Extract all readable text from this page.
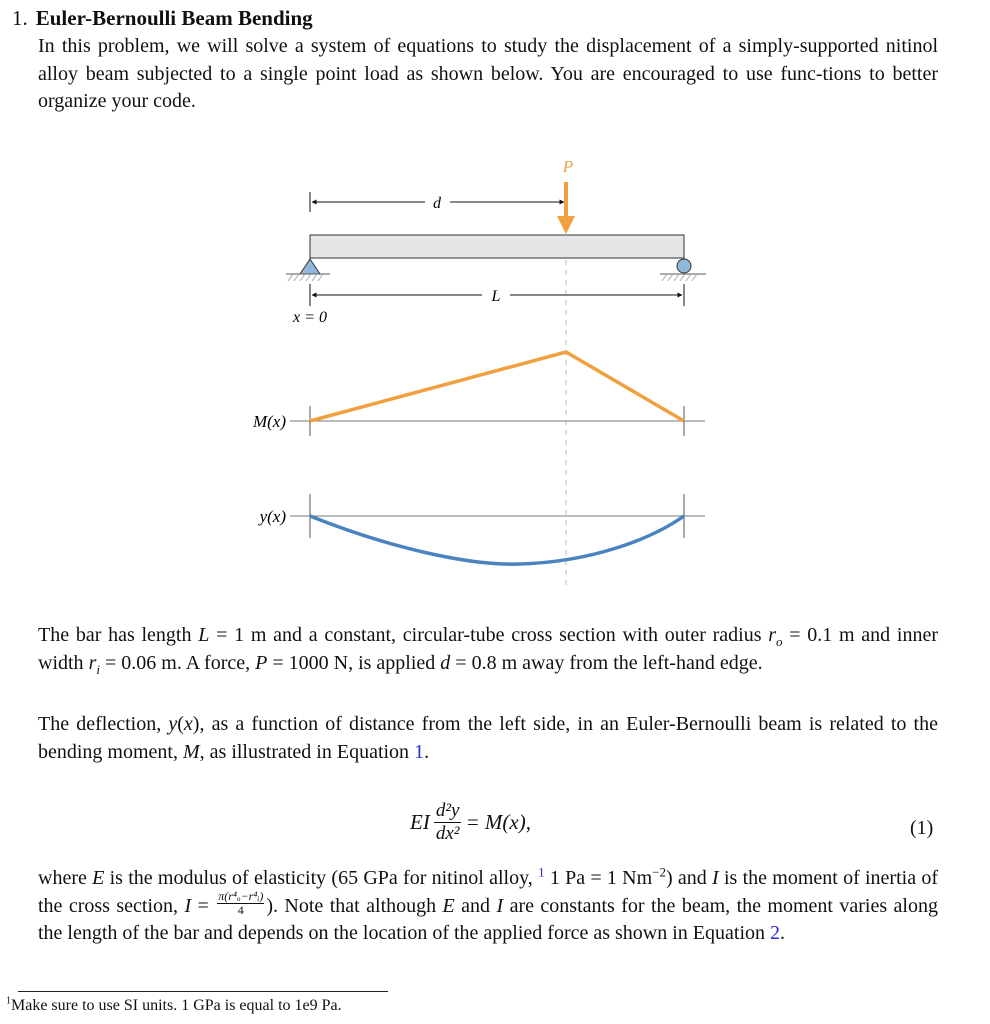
1. Euler-Bernoulli Beam Bending

In this problem, we will solve a system of equations to study the displacement of a simply-supported nitinol alloy beam subjected to a single point load as shown below. You are encouraged to use func-tions to better organize your code.

d
P
L
x = 0
M(x)
y(x)

The bar has length L = 1 m and a constant, circular-tube cross section with outer radius $r_o = 0.1$ m and inner width $r_i = 0.06$ m. A force, P = 1000 N, is applied d = 0.8 m away from the left-hand edge.

The deflection, y(x), as a function of distance from the left side, in an Euler-Bernoulli beam is related to the bending moment, M, as illustrated in Equation 1.

EI $\frac{\text{d²y}}{\text{dx²}} = M(x)$,	(1)

where E is the modulus of elasticity (65 GPa for nitinol alloy, $^1$ 1 Pa = 1 $Nm^{-2}$) and I is the moment of inertia of the cross section, $I = \frac{\text{π(r⁴ₒ−r⁴ᵢ)}}{4}$ ). Note that although E and I are constants for the beam, the moment varies along the length of the bar and depends on the location of the applied force as shown in Equation 2.

$^1$Make sure to use SI units. 1 GPa is equal to 1e9 Pa.
